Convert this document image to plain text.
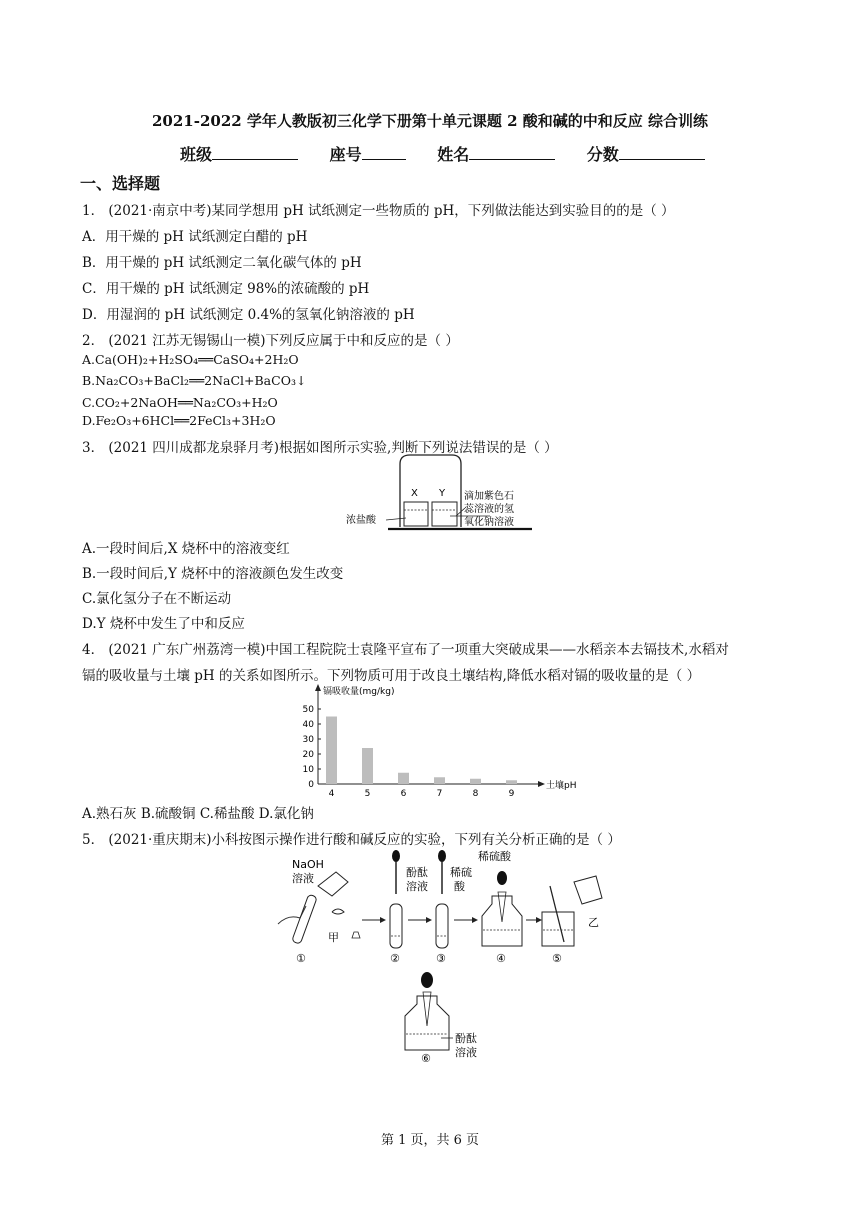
2021-2022 学年人教版初三化学下册第十单元课题 2 酸和碱的中和反应 综合训练
班级	座号	姓名	分数
一、选择题
1． (2021·南京中考)某同学想用 pH 试纸测定一些物质的 pH，下列做法能达到实验目的的是（ ）
A．用干燥的 pH 试纸测定白醋的 pH
B．用干燥的 pH 试纸测定二氧化碳气体的 pH
C．用干燥的 pH 试纸测定 98%的浓硫酸的 pH
D．用湿润的 pH 试纸测定 0.4%的氢氧化钠溶液的 pH
2． (2021 江苏无锡锡山一模)下列反应属于中和反应的是（ ）
A.Ca(OH)₂+H₂SO₄══CaSO₄+2H₂O
B.Na₂CO₃+BaCl₂══2NaCl+BaCO₃↓
C.CO₂+2NaOH══Na₂CO₃+H₂O
D.Fe₂O₃+6HCl══2FeCl₃+3H₂O
3． (2021 四川成都龙泉驿月考)根据如图所示实验,判断下列说法错误的是（ ）
X Y
浓盐酸
滴加紫色石
蕊溶液的氢
氧化钠溶液
A.一段时间后,X 烧杯中的溶液变红
B.一段时间后,Y 烧杯中的溶液颜色发生改变
C.氯化氢分子在不断运动
D.Y 烧杯中发生了中和反应
4． (2021 广东广州荔湾一模)中国工程院院士袁隆平宣布了一项重大突破成果——水稻亲本去镉技术,水稻对
镉的吸收量与土壤 pH 的关系如图所示。下列物质可用于改良土壤结构,降低水稻对镉的吸收量的是（ ）
镉吸收量(mg/kg)
土壤pH
0
10
20
30
40
50
4	5	6	7	8	9
A.熟石灰 B.硫酸铜 C.稀盐酸 D.氯化钠
5． (2021·重庆期末)小科按图示操作进行酸和碱反应的实验，下列有关分析正确的是（ ）
NaOH
溶液
甲
①
酚酞
溶液
②
稀硫
酸
③
稀硫酸
④
乙
⑤
酚酞
溶液
⑥
第 1 页，共 6 页
